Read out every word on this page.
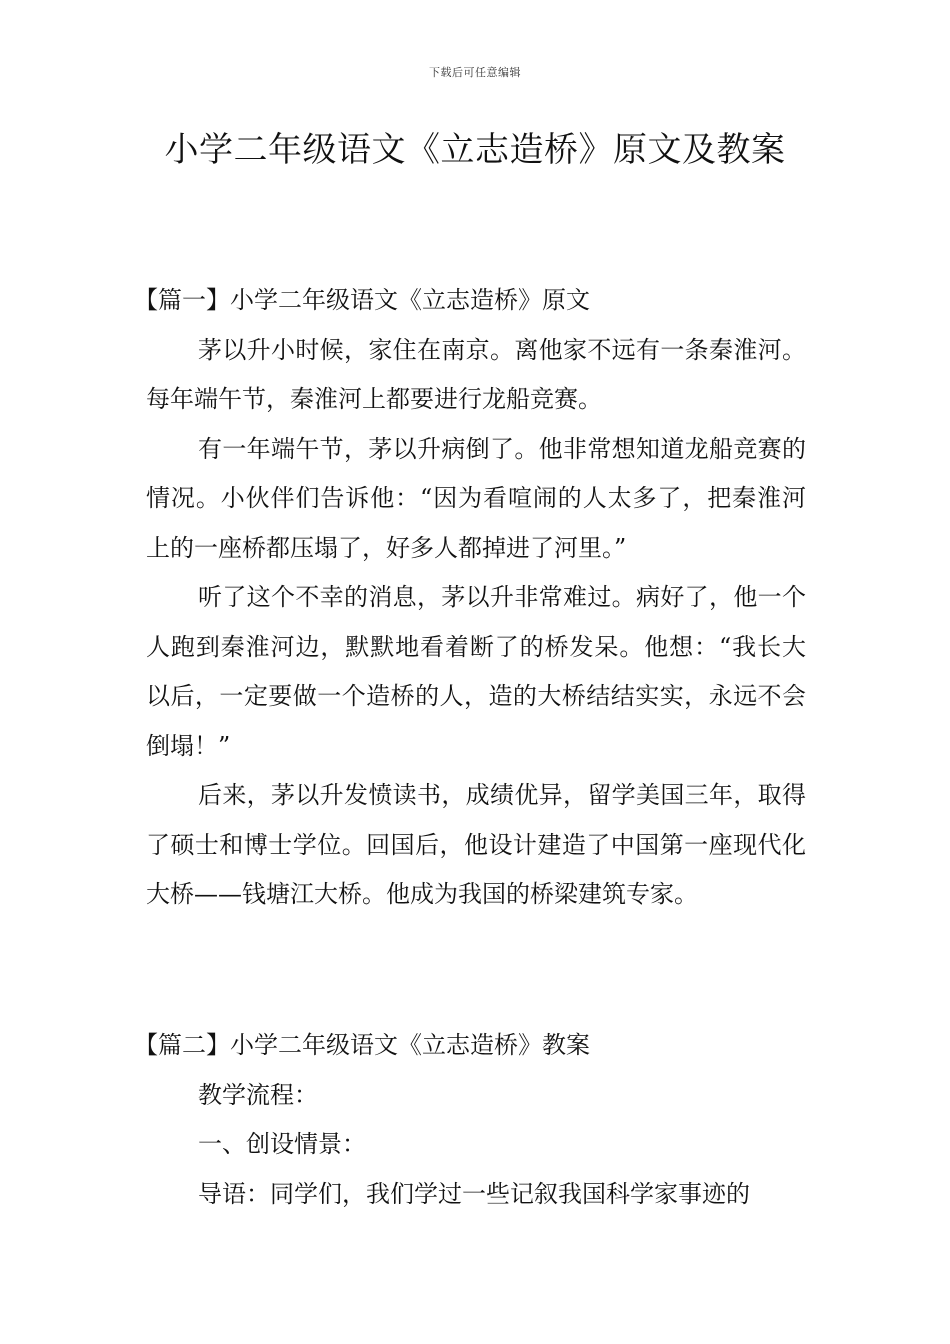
下载后可任意编辑
小学二年级语文《立志造桥》原文及教案

【篇一】小学二年级语文《立志造桥》原文

茅以升小时候，家住在南京。离他家不远有一条秦淮河。每年端午节，秦淮河上都要进行龙船竞赛。

有一年端午节，茅以升病倒了。他非常想知道龙船竞赛的情况。小伙伴们告诉他：“因为看喧闹的人太多了，把秦淮河上的一座桥都压塌了，好多人都掉进了河里。”

听了这个不幸的消息，茅以升非常难过。病好了，他一个人跑到秦淮河边，默默地看着断了的桥发呆。他想：“我长大以后，一定要做一个造桥的人，造的大桥结结实实，永远不会倒塌！”

后来，茅以升发愤读书，成绩优异，留学美国三年，取得了硕士和博士学位。回国后，他设计建造了中国第一座现代化大桥——钱塘江大桥。他成为我国的桥梁建筑专家。

【篇二】小学二年级语文《立志造桥》教案

教学流程：

一、创设情景：

导语：同学们，我们学过一些记叙我国科学家事迹的
